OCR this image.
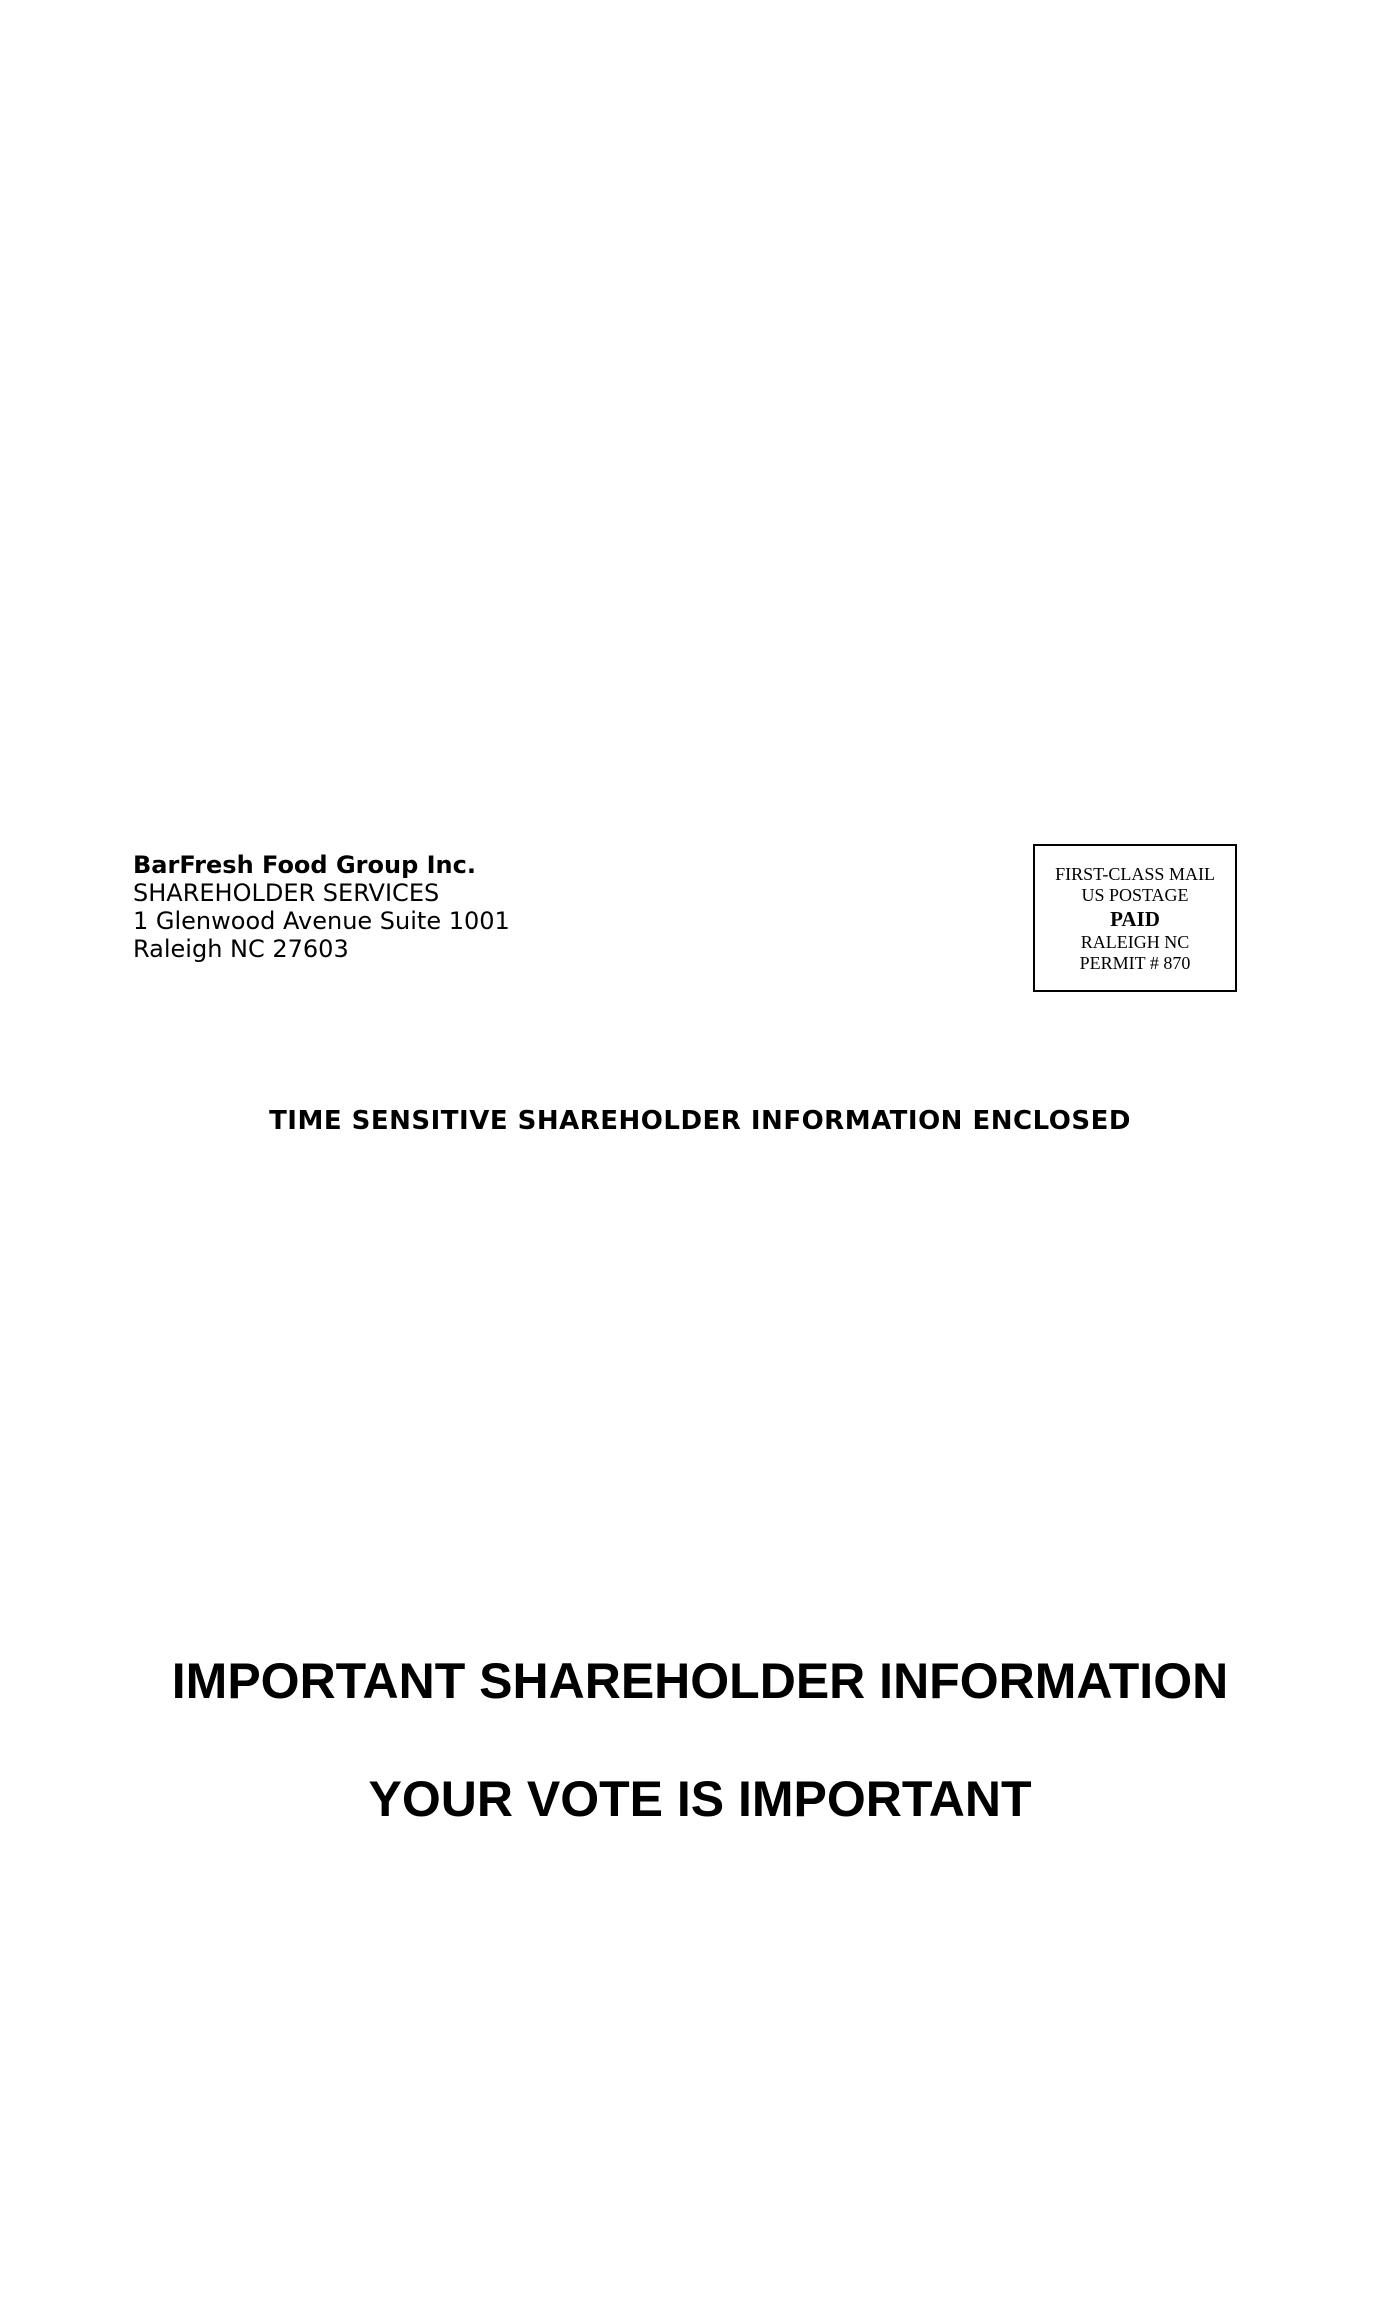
BarFresh Food Group Inc.
SHAREHOLDER SERVICES
1 Glenwood Avenue Suite 1001
Raleigh NC 27603
FIRST-CLASS MAIL
US POSTAGE
PAID
RALEIGH NC
PERMIT # 870
TIME SENSITIVE SHAREHOLDER INFORMATION ENCLOSED
IMPORTANT SHAREHOLDER INFORMATION
YOUR VOTE IS IMPORTANT
